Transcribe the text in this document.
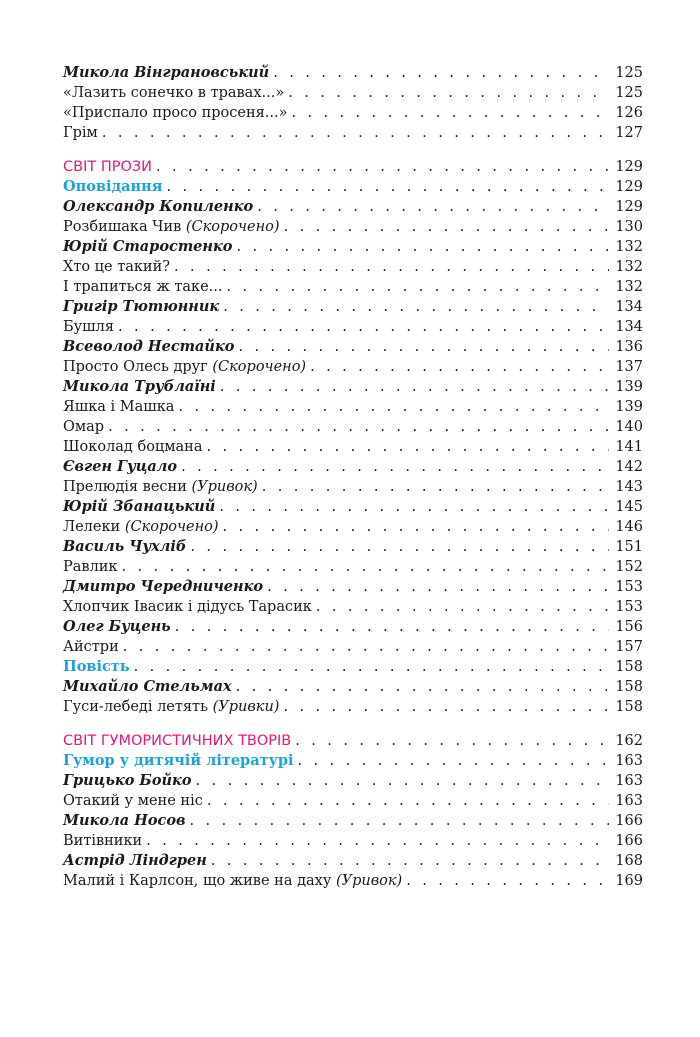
Микола Вінграновський . . .	125
«Лазить сонечко в травах...» . . .	125
«Приспало просо просеня...» . . .	126
Грім . . .	127
СВІТ ПРОЗИ . . .	129
Оповідання . . .	129
Олександр Копиленко . . .	129
Розбишака Чив (Скорочено) . . .	130
Юрій Старостенко . . .	132
Хто це такий? . . .	132
І трапиться ж таке... . . .	132
Григір Тютюнник . . .	134
Бушля . . .	134
Всеволод Нестайко . . .	136
Просто Олесь друг (Скорочено) . . .	137
Микола Трублаїні . . .	139
Яшка і Машка . . .	139
Омар . . .	140
Шоколад боцмана . . .	141
Євген Гуцало . . .	142
Прелюдія весни (Уривок) . . .	143
Юрій Збанацький . . .	145
Лелеки (Скорочено) . . .	146
Василь Чухліб . . .	151
Равлик . . .	152
Дмитро Чередниченко . . .	153
Хлопчик Івасик і дідусь Тарасик . . .	153
Олег Буцень . . .	156
Айстри . . .	157
Повість . . .	158
Михайло Стельмах . . .	158
Гуси-лебеді летять (Уривки) . . .	158
СВІТ ГУМОРИСТИЧНИХ ТВОРІВ . . .	162
Гумор у дитячій літературі . . .	163
Грицько Бойко . . .	163
Отакий у мене ніс . . .	163
Микола Носов . . .	166
Витівники . . .	166
Астрід Ліндгрен . . .	168
Малий і Карлсон, що живе на даху (Уривок) . . .	169
